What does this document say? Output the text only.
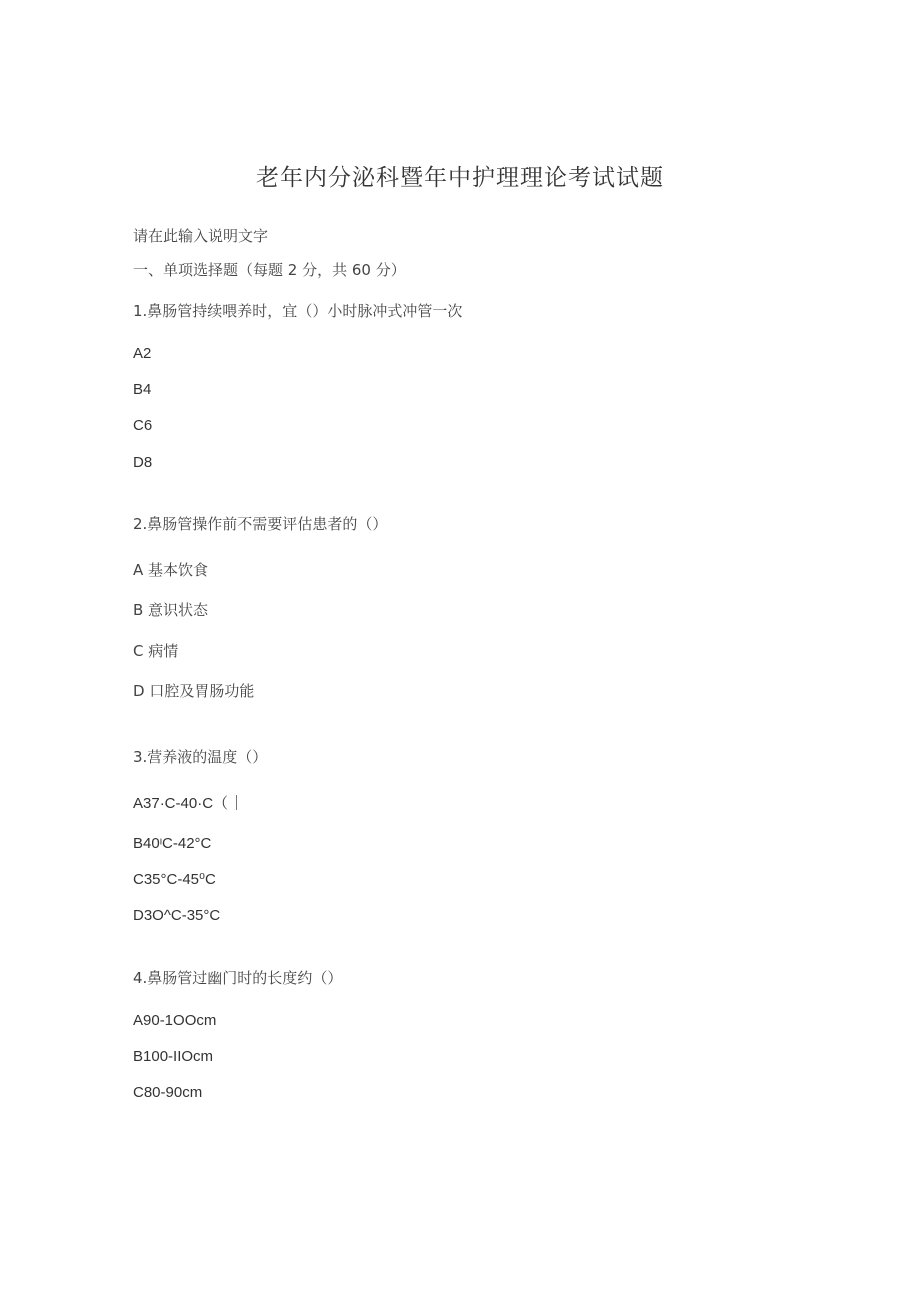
老年内分泌科暨年中护理理论考试试题
请在此输入说明文字
一、单项选择题（每题 2 分，共 60 分）
1.鼻肠管持续喂养时，宜（）小时脉冲式冲管一次
A2
B4
C6
D8
2.鼻肠管操作前不需要评估患者的（）
A 基本饮食
B 意识状态
C 病情
D 口腔及胃肠功能
3.营养液的温度（）
A37·C-40·C（
B40ᶦC-42°C
C35°C-45⁰C
D3O^C-35°C
4.鼻肠管过幽门时的长度约（）
A90-1OOcm
B100-IIOcm
C80-90cm
